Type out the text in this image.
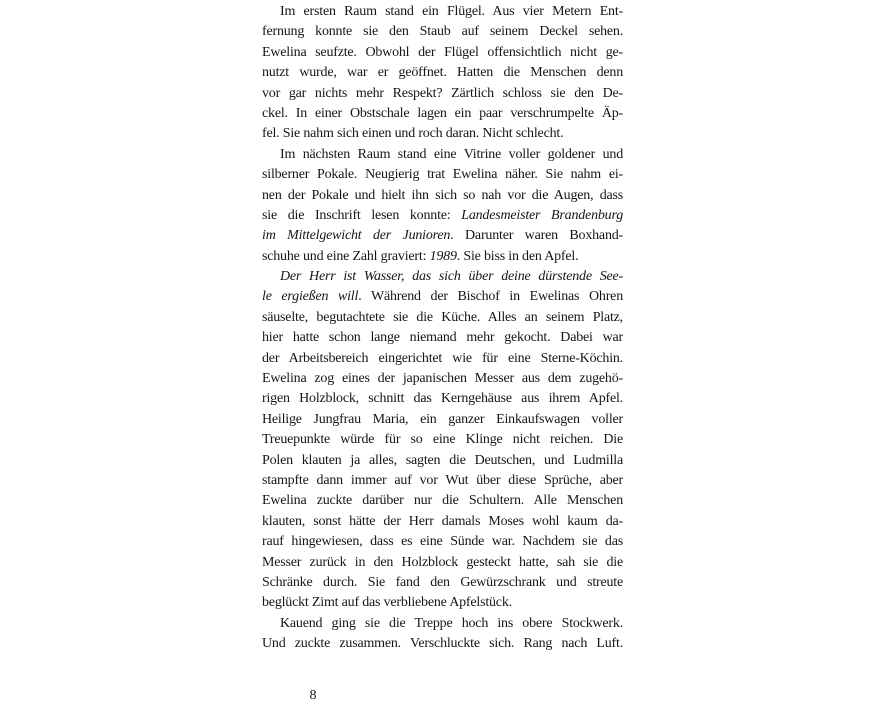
Im ersten Raum stand ein Flügel. Aus vier Metern Ent-
fernung konnte sie den Staub auf seinem Deckel sehen.
Ewelina seufzte. Obwohl der Flügel offensichtlich nicht ge-
nutzt wurde, war er geöffnet. Hatten die Menschen denn
vor gar nichts mehr Respekt? Zärtlich schloss sie den De-
ckel. In einer Obstschale lagen ein paar verschrumpelte Äp-
fel. Sie nahm sich einen und roch daran. Nicht schlecht.
Im nächsten Raum stand eine Vitrine voller goldener und
silberner Pokale. Neugierig trat Ewelina näher. Sie nahm ei-
nen der Pokale und hielt ihn sich so nah vor die Augen, dass
sie die Inschrift lesen konnte: Landesmeister Brandenburg
im Mittelgewicht der Junioren. Darunter waren Boxhand-
schuhe und eine Zahl graviert: 1989. Sie biss in den Apfel.
Der Herr ist Wasser, das sich über deine dürstende See-
le ergießen will. Während der Bischof in Ewelinas Ohren
säuselte, begutachtete sie die Küche. Alles an seinem Platz,
hier hatte schon lange niemand mehr gekocht. Dabei war
der Arbeitsbereich eingerichtet wie für eine Sterne-Köchin.
Ewelina zog eines der japanischen Messer aus dem zugehö-
rigen Holzblock, schnitt das Kerngehäuse aus ihrem Apfel.
Heilige Jungfrau Maria, ein ganzer Einkaufswagen voller
Treuepunkte würde für so eine Klinge nicht reichen. Die
Polen klauten ja alles, sagten die Deutschen, und Ludmilla
stampfte dann immer auf vor Wut über diese Sprüche, aber
Ewelina zuckte darüber nur die Schultern. Alle Menschen
klauten, sonst hätte der Herr damals Moses wohl kaum da-
rauf hingewiesen, dass es eine Sünde war. Nachdem sie das
Messer zurück in den Holzblock gesteckt hatte, sah sie die
Schränke durch. Sie fand den Gewürzschrank und streute
beglückt Zimt auf das verbliebene Apfelstück.
Kauend ging sie die Treppe hoch ins obere Stockwerk.
Und zuckte zusammen. Verschluckte sich. Rang nach Luft.
8
